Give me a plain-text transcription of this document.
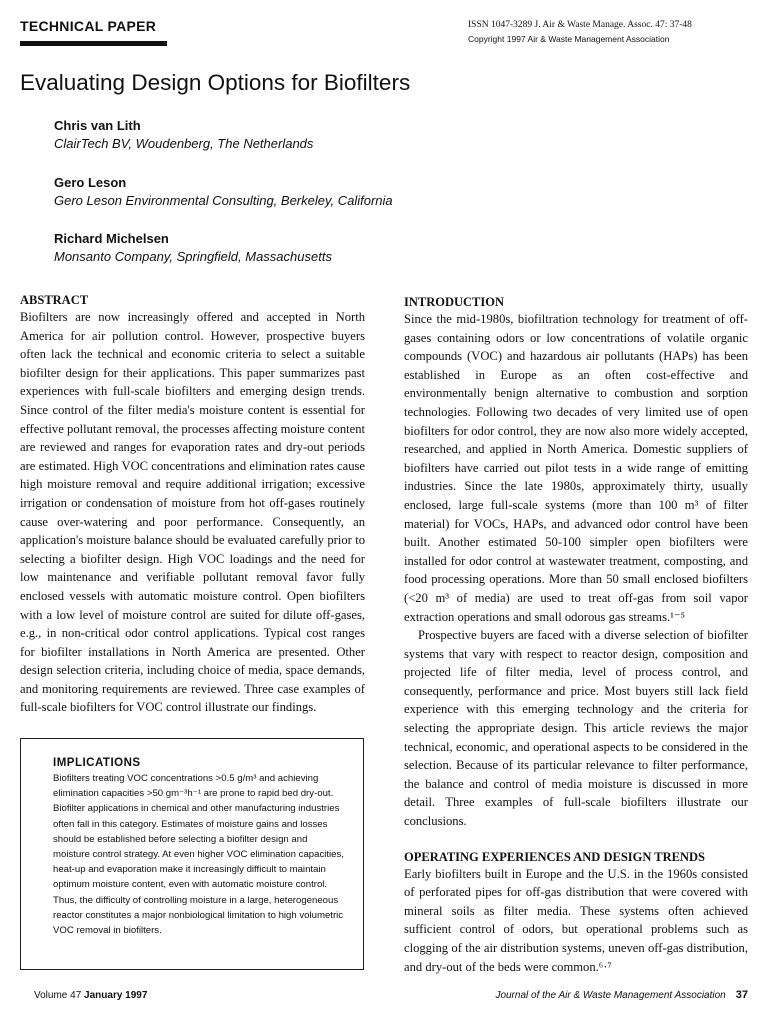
TECHNICAL PAPER	ISSN 1047-3289 J. Air & Waste Manage. Assoc. 47: 37-48
Copyright 1997 Air & Waste Management Association
Evaluating Design Options for Biofilters
Chris van Lith
ClairTech BV, Woudenberg, The Netherlands
Gero Leson
Gero Leson Environmental Consulting, Berkeley, California
Richard Michelsen
Monsanto Company, Springfield, Massachusetts
ABSTRACT

Biofilters are now increasingly offered and accepted in North America for air pollution control. However, prospective buyers often lack the technical and economic criteria to select a suitable biofilter design for their applications. This paper summarizes past experiences with full-scale biofilters and emerging design trends. Since control of the filter media's moisture content is essential for effective pollutant removal, the processes affecting moisture content are reviewed and ranges for evaporation rates and dry-out periods are estimated. High VOC concentrations and elimination rates cause high moisture removal and require additional irrigation; excessive irrigation or condensation of moisture from hot off-gases routinely cause over-watering and poor performance. Consequently, an application's moisture balance should be evaluated carefully prior to selecting a biofilter design. High VOC loadings and the need for low maintenance and verifiable pollutant removal favor fully enclosed vessels with automatic moisture control. Open biofilters with a low level of moisture control are suited for dilute off-gases, e.g., in non-critical odor control applications. Typical cost ranges for biofilter installations in North America are presented. Other design selection criteria, including choice of media, space demands, and monitoring requirements are reviewed. Three case examples of full-scale biofilters for VOC control illustrate our findings.

IMPLICATIONS

Biofilters treating VOC concentrations >0.5 g/m³ and achieving elimination capacities >50 gm⁻³h⁻¹ are prone to rapid bed dry-out. Biofilter applications in chemical and other manufacturing industries often fall in this category. Estimates of moisture gains and losses should be established before selecting a biofilter design and moisture control strategy. At even higher VOC elimination capacities, heat-up and evaporation make it increasingly difficult to maintain optimum moisture content, even with automatic moisture control. Thus, the difficulty of controlling moisture in a large, heterogeneous reactor constitutes a major nonbiological limitation to high volumetric VOC removal in biofilters.

INTRODUCTION

Since the mid-1980s, biofiltration technology for treatment of off-gases containing odors or low concentrations of volatile organic compounds (VOC) and hazardous air pollutants (HAPs) has been established in Europe as an often cost-effective and environmentally benign alternative to combustion and sorption technologies. Following two decades of very limited use of open biofilters for odor control, they are now also more widely accepted, researched, and applied in North America. Domestic suppliers of biofilters have carried out pilot tests in a wide range of emitting industries. Since the late 1980s, approximately thirty, usually enclosed, large full-scale systems (more than 100 m³ of filter material) for VOCs, HAPs, and advanced odor control have been built. Another estimated 50-100 simpler open biofilters were installed for odor control at wastewater treatment, composting, and food processing operations. More than 50 small enclosed biofilters (<20 m³ of media) are used to treat off-gas from soil vapor extraction operations and small odorous gas streams.¹⁻⁵

Prospective buyers are faced with a diverse selection of biofilter systems that vary with respect to reactor design, composition and projected life of filter media, level of process control, and consequently, performance and price. Most buyers still lack field experience with this emerging technology and the criteria for selecting the appropriate design. This article reviews the major technical, economic, and operational aspects to be considered in the selection. Because of its particular relevance to filter performance, the balance and control of media moisture is discussed in more detail. Three examples of full-scale biofilters illustrate our conclusions.

OPERATING EXPERIENCES AND DESIGN TRENDS

Early biofilters built in Europe and the U.S. in the 1960s consisted of perforated pipes for off-gas distribution that were covered with mineral soils as filter media. These systems often achieved sufficient control of odors, but operational problems such as clogging of the air distribution systems, uneven off-gas distribution, and dry-out of the beds were common.⁶·⁷

Volume 47 January 1997	Journal of the Air & Waste Management Association 37
